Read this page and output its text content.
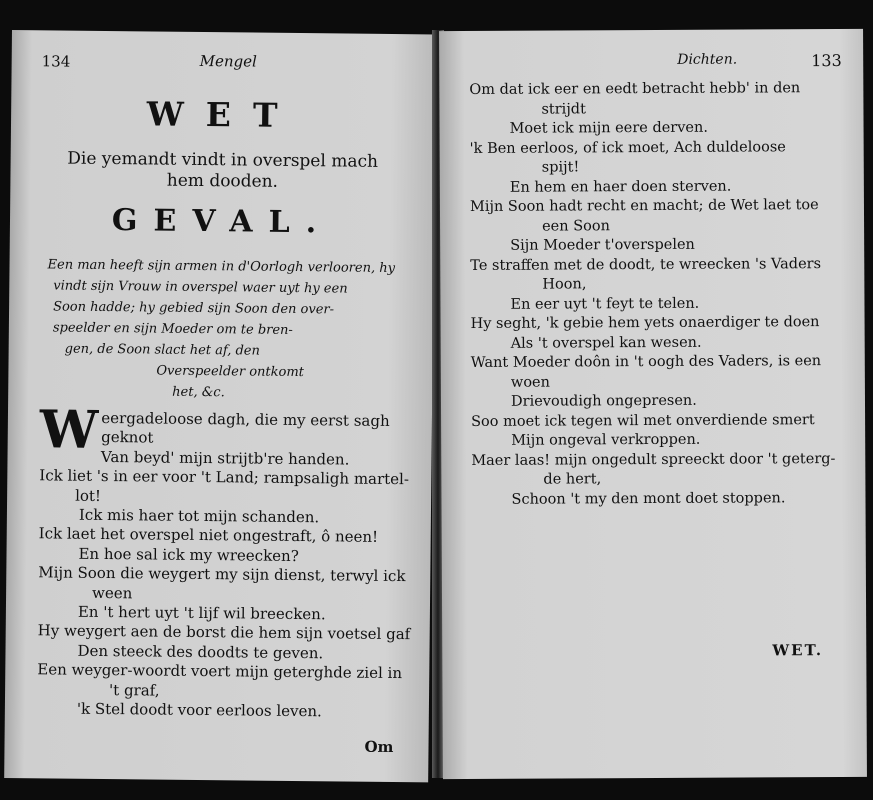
134	Mengel
WET
Die yemandt vindt in overspel mach
hem dooden.
GEVAL.
Een man heeft sijn armen in d'Oorlogh verlooren, hy
vindt sijn Vrouw in overspel waer uyt hy een
Soon hadde; hy gebied sijn Soon den over-
speelder en sijn Moeder om te bren-
gen, de Soon slact het af, den
Overspeelder ontkomt
het, &c.
W eergadeloose dagh, die my eerst sagh
geknot
Van beyd' mijn strijtb're handen.
Ick liet 's in eer voor 't Land; rampsaligh martel-
lot!
Ick mis haer tot mijn schanden.
Ick laet het overspel niet ongestraft, ô neen!
En hoe sal ick my wreecken?
Mijn Soon die weygert my sijn dienst, terwyl ick
ween
En 't hert uyt 't lijf wil breecken.
Hy weygert aen de borst die hem sijn voetsel gaf
Den steeck des doodts te geven.
Een weyger-woordt voert mijn geterghde ziel in
't graf,
'k Stel doodt voor eerloos leven.
Om
Dichten.	133
Om dat ick eer en eedt betracht hebb' in den
strijdt
Moet ick mijn eere derven.
'k Ben eerloos, of ick moet, Ach duldeloose
spijt!
En hem en haer doen sterven.
Mijn Soon hadt recht en macht; de Wet laet toe
een Soon
Sijn Moeder t'overspelen
Te straffen met de doodt, te wreecken 's Vaders
Hoon,
En eer uyt 't feyt te telen.
Hy seght, 'k gebie hem yets onaerdiger te doen
Als 't overspel kan wesen.
Want Moeder doôn in 't oogh des Vaders, is een
woen
Drievoudigh ongepresen.
Soo moet ick tegen wil met onverdiende smert
Mijn ongeval verkroppen.
Maer laas! mijn ongedult spreeckt door 't geterg-
de hert,
Schoon 't my den mont doet stoppen.
WET.
